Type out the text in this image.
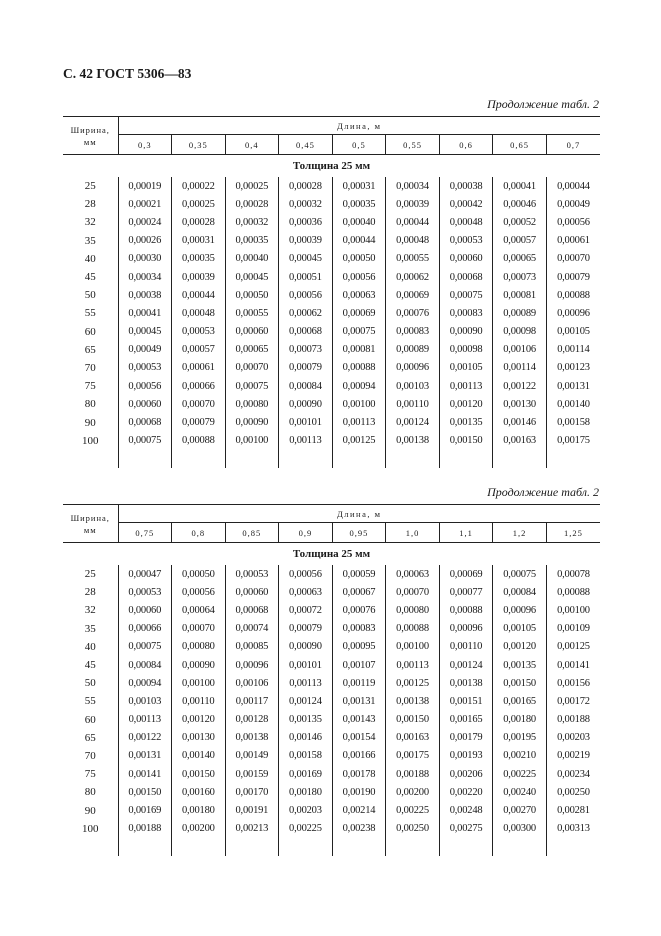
С. 42 ГОСТ 5306—83
Продолжение табл. 2
Ширина,
мм	Длина, м								
	0,3	0,35	0,4	0,45	0,5	0,55	0,6	0,65	0,7
Толщина 25 мм									
25	0,00019	0,00022	0,00025	0,00028	0,00031	0,00034	0,00038	0,00041	0,00044
28	0,00021	0,00025	0,00028	0,00032	0,00035	0,00039	0,00042	0,00046	0,00049
32	0,00024	0,00028	0,00032	0,00036	0,00040	0,00044	0,00048	0,00052	0,00056
35	0,00026	0,00031	0,00035	0,00039	0,00044	0,00048	0,00053	0,00057	0,00061
40	0,00030	0,00035	0,00040	0,00045	0,00050	0,00055	0,00060	0,00065	0,00070
45	0,00034	0,00039	0,00045	0,00051	0,00056	0,00062	0,00068	0,00073	0,00079
50	0,00038	0,00044	0,00050	0,00056	0,00063	0,00069	0,00075	0,00081	0,00088
55	0,00041	0,00048	0,00055	0,00062	0,00069	0,00076	0,00083	0,00089	0,00096
60	0,00045	0,00053	0,00060	0,00068	0,00075	0,00083	0,00090	0,00098	0,00105
65	0,00049	0,00057	0,00065	0,00073	0,00081	0,00089	0,00098	0,00106	0,00114
70	0,00053	0,00061	0,00070	0,00079	0,00088	0,00096	0,00105	0,00114	0,00123
75	0,00056	0,00066	0,00075	0,00084	0,00094	0,00103	0,00113	0,00122	0,00131
80	0,00060	0,00070	0,00080	0,00090	0,00100	0,00110	0,00120	0,00130	0,00140
90	0,00068	0,00079	0,00090	0,00101	0,00113	0,00124	0,00135	0,00146	0,00158
100	0,00075	0,00088	0,00100	0,00113	0,00125	0,00138	0,00150	0,00163	0,00175

Продолжение табл. 2
Ширина,
мм	Длина, м								
	0,75	0,8	0,85	0,9	0,95	1,0	1,1	1,2	1,25
Толщина 25 мм									
25	0,00047	0,00050	0,00053	0,00056	0,00059	0,00063	0,00069	0,00075	0,00078
28	0,00053	0,00056	0,00060	0,00063	0,00067	0,00070	0,00077	0,00084	0,00088
32	0,00060	0,00064	0,00068	0,00072	0,00076	0,00080	0,00088	0,00096	0,00100
35	0,00066	0,00070	0,00074	0,00079	0,00083	0,00088	0,00096	0,00105	0,00109
40	0,00075	0,00080	0,00085	0,00090	0,00095	0,00100	0,00110	0,00120	0,00125
45	0,00084	0,00090	0,00096	0,00101	0,00107	0,00113	0,00124	0,00135	0,00141
50	0,00094	0,00100	0,00106	0,00113	0,00119	0,00125	0,00138	0,00150	0,00156
55	0,00103	0,00110	0,00117	0,00124	0,00131	0,00138	0,00151	0,00165	0,00172
60	0,00113	0,00120	0,00128	0,00135	0,00143	0,00150	0,00165	0,00180	0,00188
65	0,00122	0,00130	0,00138	0,00146	0,00154	0,00163	0,00179	0,00195	0,00203
70	0,00131	0,00140	0,00149	0,00158	0,00166	0,00175	0,00193	0,00210	0,00219
75	0,00141	0,00150	0,00159	0,00169	0,00178	0,00188	0,00206	0,00225	0,00234
80	0,00150	0,00160	0,00170	0,00180	0,00190	0,00200	0,00220	0,00240	0,00250
90	0,00169	0,00180	0,00191	0,00203	0,00214	0,00225	0,00248	0,00270	0,00281
100	0,00188	0,00200	0,00213	0,00225	0,00238	0,00250	0,00275	0,00300	0,00313
